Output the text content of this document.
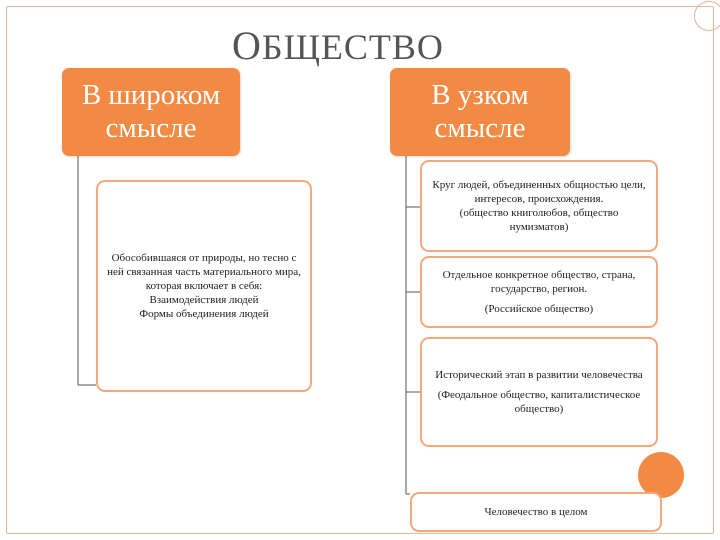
ОБЩЕСТВО
В широком
смысле
В узком
смысле

Обособившаяся от природы, но тесно с ней связанная часть материального мира, которая включает в себя:

Взаимодействия людей

Формы объединения людей

Круг людей, объединенных общностью цели, интересов, происхождения.

(общество книголюбов, общество нумизматов)

Отдельное конкретное общество, страна, государство, регион.

(Российское общество)

Исторический этап в развитии человечества

(Феодальное общество, капиталистическое общество)

Человечество в целом
